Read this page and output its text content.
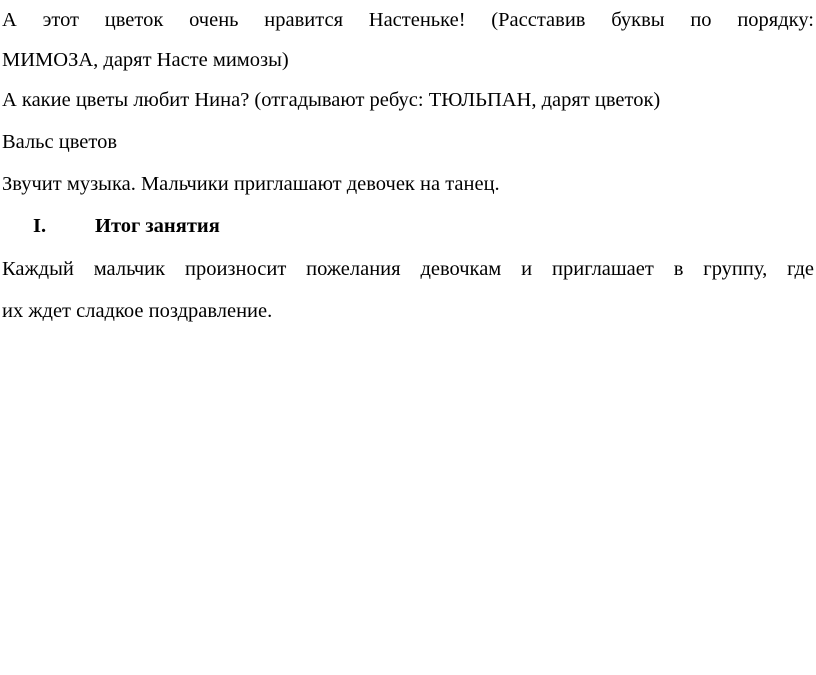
А этот цветок очень нравится Настеньке! (Расставив буквы по порядку:
МИМОЗА, дарят Насте мимозы)
А какие цветы любит Нина? (отгадывают ребус: ТЮЛЬПАН, дарят цветок)
Вальс цветов
Звучит музыка. Мальчики приглашают девочек на танец.
I. Итог занятия
Каждый мальчик произносит пожелания девочкам и приглашает в группу, где
их ждет сладкое поздравление.
